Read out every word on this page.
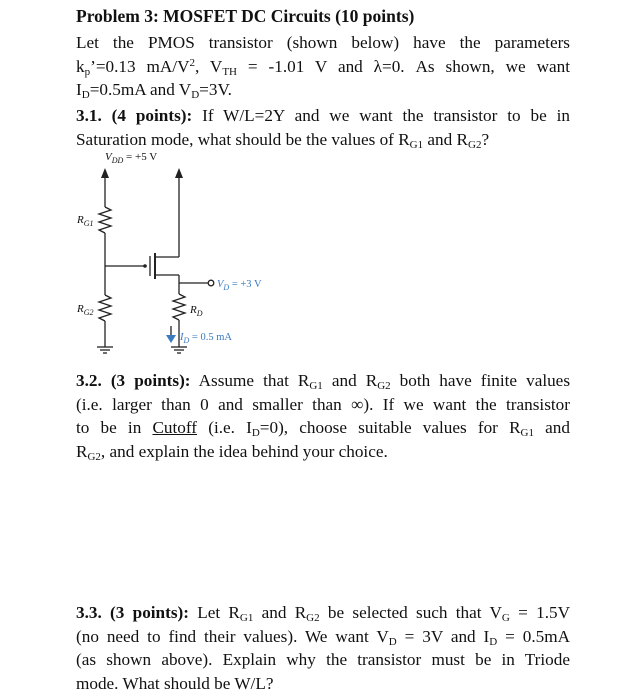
Problem 3: MOSFET DC Circuits (10 points)
Let the PMOS transistor (shown below) have the parameters
$k_p’=0.13$ $mA/V^2$, $V_{TH} = -1.01$ V and λ=0. As shown, we want
$I_D=0.5mA$ and $V_D=3V$.
3.1. (4 points): If W/L=2Y and we want the transistor to be in
Saturation mode, what should be the values of $R_{G1}$ and $R_{G2}$?
3.2. (3 points): Assume that $R_{G1}$ and $R_{G2}$ both have finite values
(i.e. larger than 0 and smaller than ∞). If we want the transistor
to be in Cutoff (i.e. $I_D=0$), choose suitable values for $R_{G1}$ and
$R_{G2}$, and explain the idea behind your choice.
3.3. (3 points): Let $R_{G1}$ and $R_{G2}$ be selected such that $V_G = 1.5V$
(no need to find their values). We want $V_D = 3V$ and $I_D = 0.5mA$
(as shown above). Explain why the transistor must be in Triode
mode. What should be W/L?
$V_{DD} = +5$ V
$R_{G1}$
$R_{G2}$	$R_D$
$V_D = +3$ V
$I_D = 0.5$ mA
